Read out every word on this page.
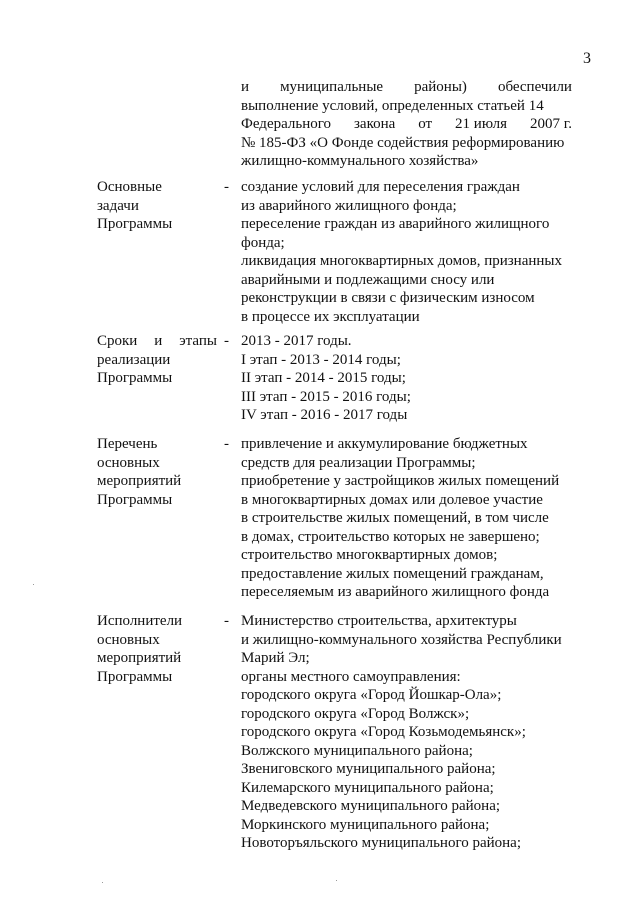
3
и муниципальные районы) обеспечили
выполнение условий, определенных статьей 14
Федерального закона от 21 июля 2007 г.
№ 185-ФЗ «О Фонде содействия реформированию
жилищно-коммунального хозяйства»
Основные
задачи
Программы
- создание условий для переселения граждан
из аварийного жилищного фонда;
переселение граждан из аварийного жилищного
фонда;
ликвидация многоквартирных домов, признанных
аварийными и подлежащими сносу или
реконструкции в связи с физическим износом
в процессе их эксплуатации
Сроки и этапы
реализации
Программы
- 2013 - 2017 годы.
I этап - 2013 - 2014 годы;
II этап - 2014 - 2015 годы;
III этап - 2015 - 2016 годы;
IV этап - 2016 - 2017 годы
Перечень
основных
мероприятий
Программы
- привлечение и аккумулирование бюджетных
средств для реализации Программы;
приобретение у застройщиков жилых помещений
в многоквартирных домах или долевое участие
в строительстве жилых помещений, в том числе
в домах, строительство которых не завершено;
строительство многоквартирных домов;
предоставление жилых помещений гражданам,
переселяемым из аварийного жилищного фонда
Исполнители
основных
мероприятий
Программы
- Министерство строительства, архитектуры
и жилищно-коммунального хозяйства Республики
Марий Эл;
органы местного самоуправления:
городского округа «Город Йошкар-Ола»;
городского округа «Город Волжск»;
городского округа «Город Козьмодемьянск»;
Волжского муниципального района;
Звениговского муниципального района;
Килемарского муниципального района;
Медведевского муниципального района;
Моркинского муниципального района;
Новоторъяльского муниципального района;
